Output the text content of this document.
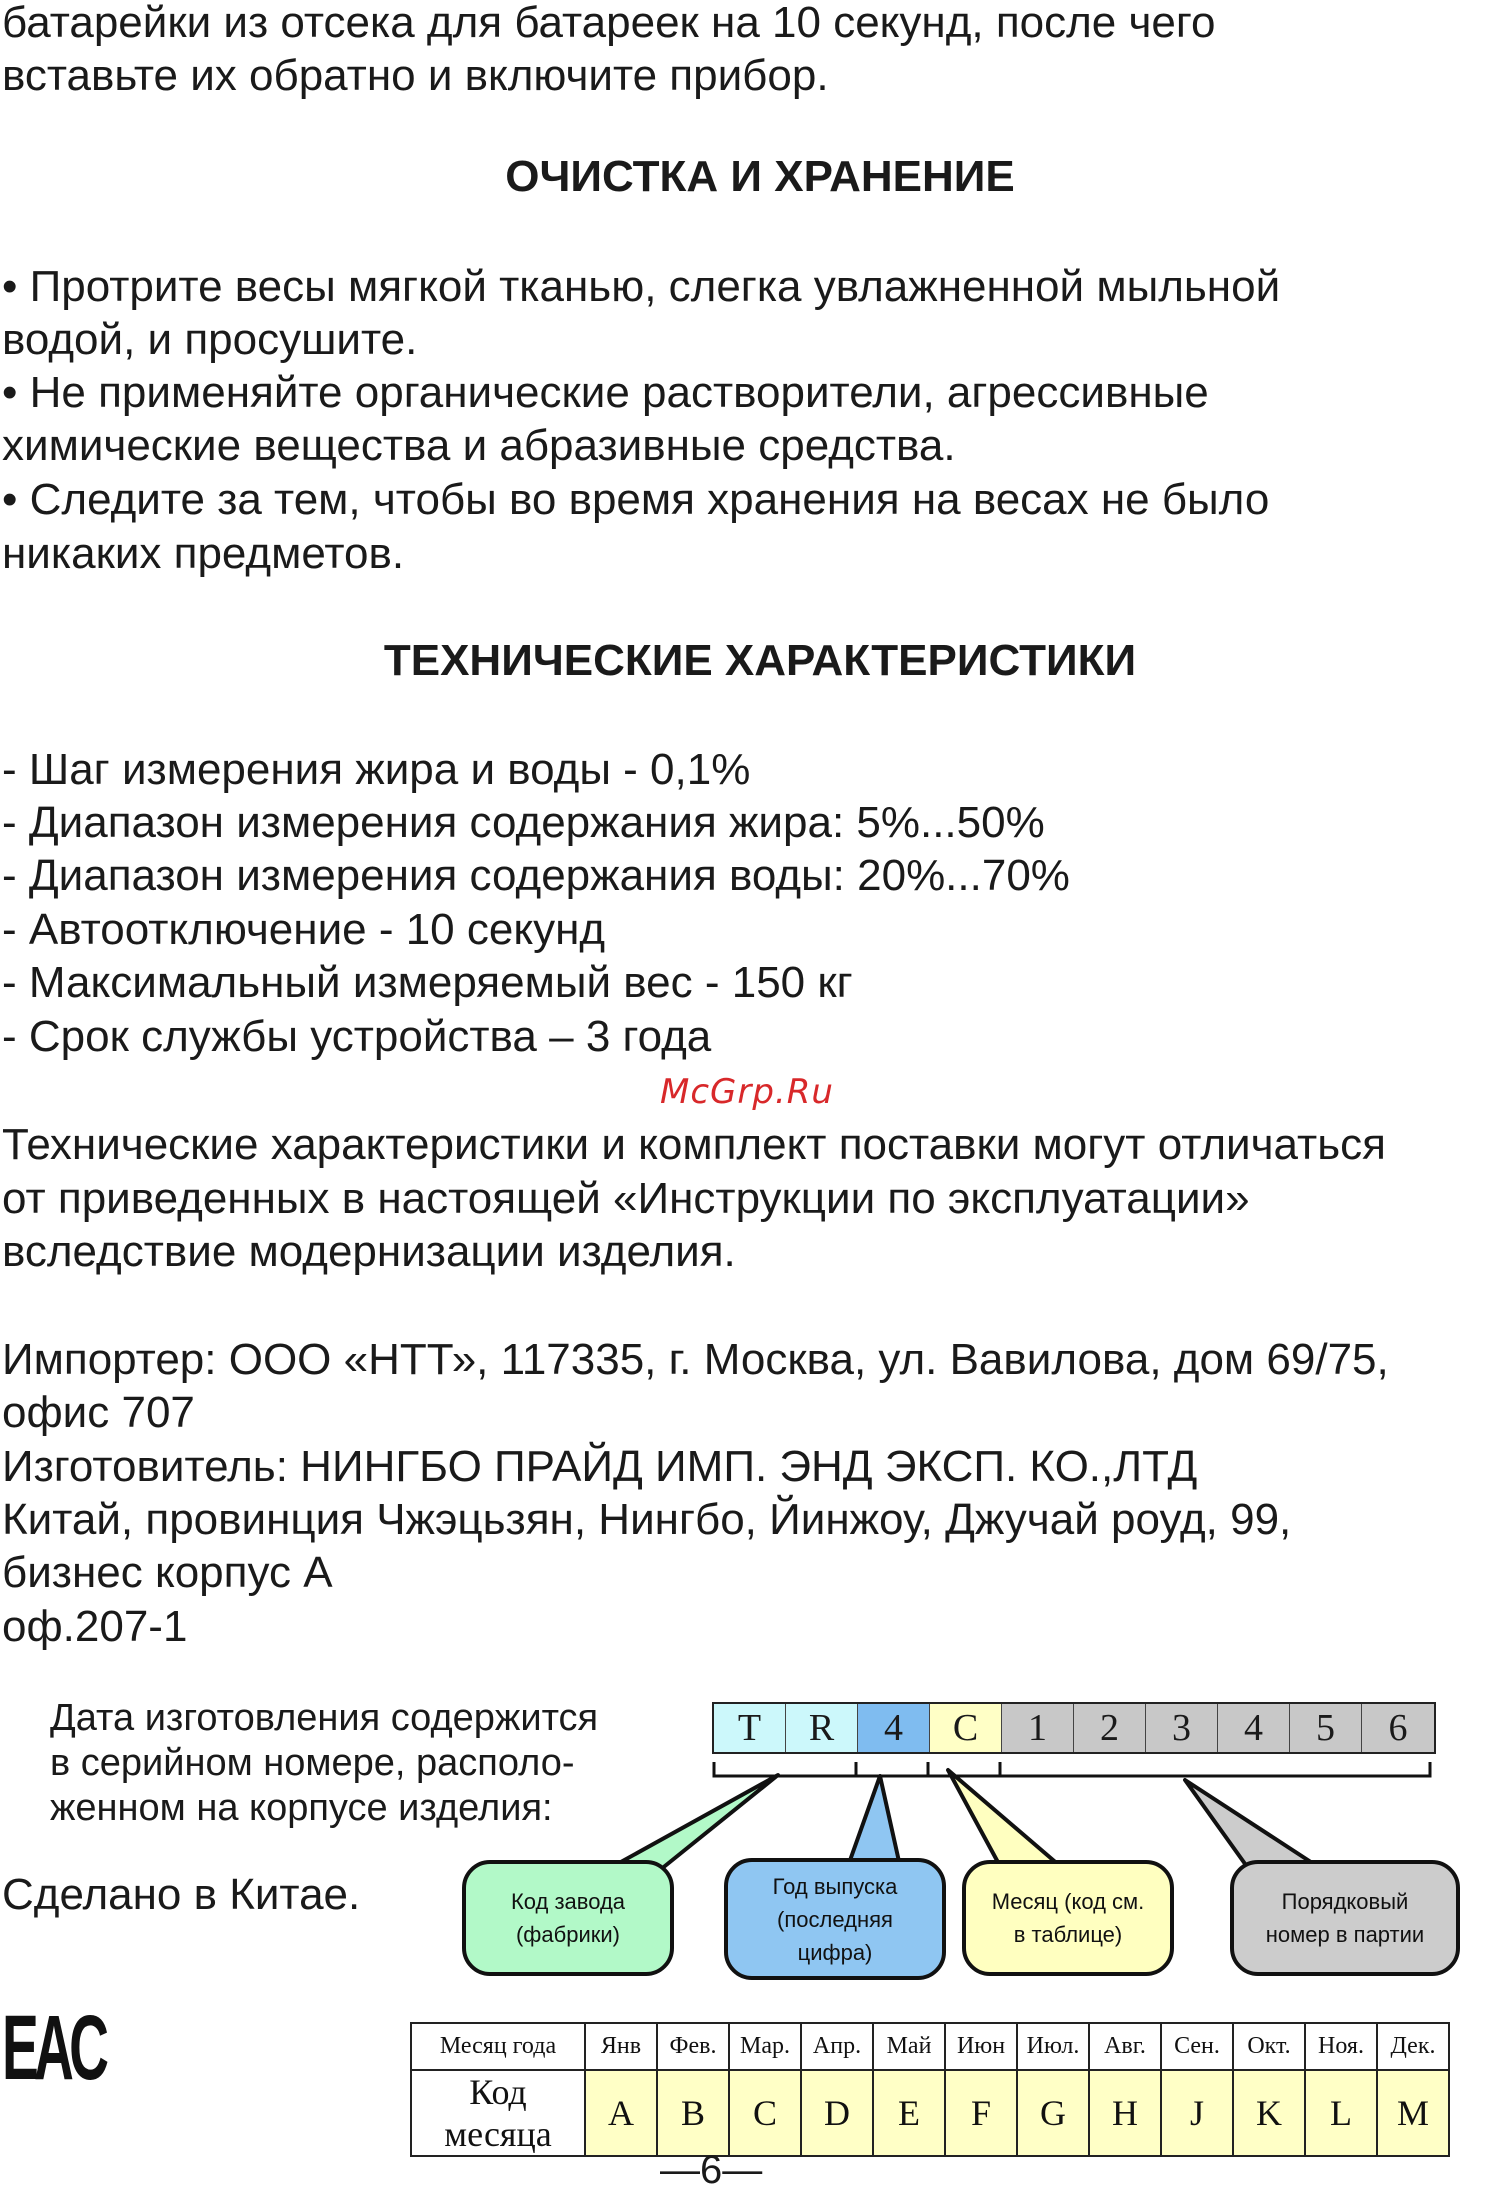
батарейки из отсека для батареек на 10 секунд, после чего
вставьте их обратно и включите прибор.
ОЧИСТКА И ХРАНЕНИЕ
• Протрите весы мягкой тканью, слегка увлажненной мыльной
водой, и просушите.
• Не применяйте органические растворители, агрессивные
химические вещества и абразивные средства.
• Следите за тем, чтобы во время хранения на весах не было
никаких предметов.
ТЕХНИЧЕСКИЕ ХАРАКТЕРИСТИКИ
- Шаг измерения жира и воды - 0,1%
- Диапазон измерения содержания жира: 5%...50%
- Диапазон измерения содержания воды: 20%...70%
- Автоотключение - 10 секунд
- Максимальный измеряемый вес - 150 кг
- Срок службы устройства – 3 года
McGrp.Ru
Технические характеристики и комплект поставки могут отличаться
от приведенных в настоящей «Инструкции по эксплуатации»
вследствие модернизации изделия.
Импортер: ООО «НТТ», 117335, г. Москва, ул. Вавилова, дом 69/75,
офис 707
Изготовитель: НИНГБО ПРАЙД ИМП. ЭНД ЭКСП. КО.,ЛТД
Китай, провинция Чжэцьзян, Нингбо, Йинжоу, Джучай роуд, 99,
бизнес корпус А
оф.207-1
Дата изготовления содержится
в серийном номере, располо-
женном на корпусе изделия:
Сделано в Китае.
T	R	4	C	1	2	3	4	5	6
Код завода
(фабрики)
Год выпуска
(последняя
цифра)
Месяц (код см.
в таблице)
Порядковый
номер в партии
EAC	Месяц года	Янв	Фев.	Мар.	Апр.	Май	Июн	Июл.	Авг.	Сен.	Окт.	Ноя.	Дек.
Код месяца	A	B	C	D	E	F	G	H	J	K	L	M
—6—
